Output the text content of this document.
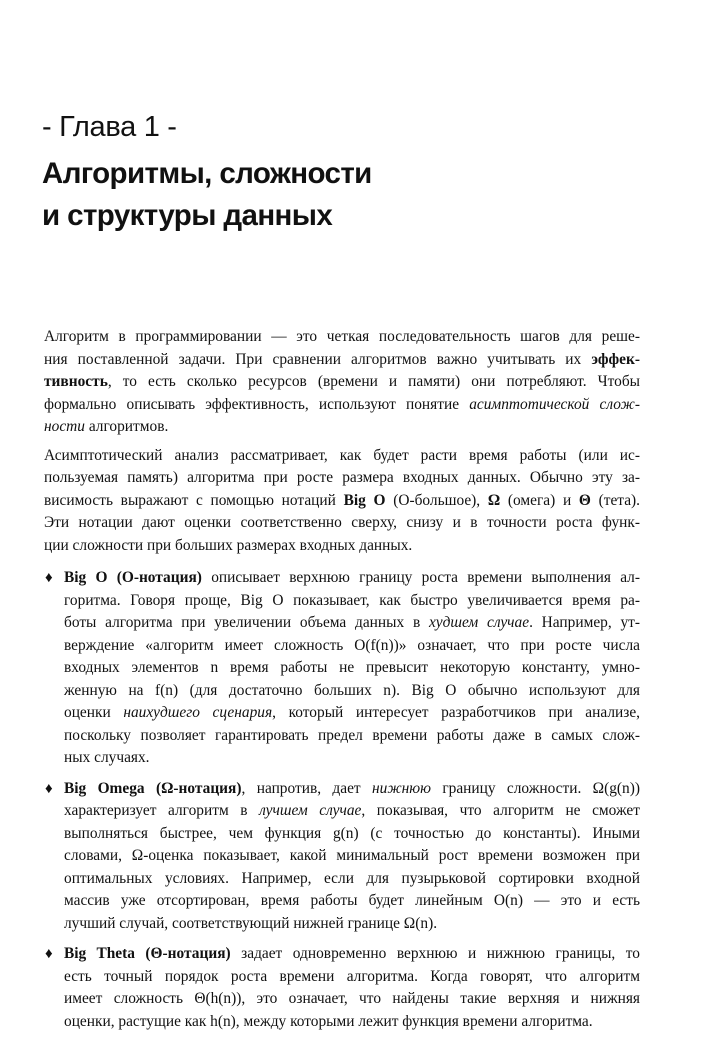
- Глава 1 -
Алгоритмы, сложности
и структуры данных
Алгоритм в программировании — это четкая последовательность шагов для реше-
ния поставленной задачи. При сравнении алгоритмов важно учитывать их эффек-
тивность, то есть сколько ресурсов (времени и памяти) они потребляют. Чтобы
формально описывать эффективность, используют понятие асимптотической слож-
ности алгоритмов.
Асимптотический анализ рассматривает, как будет расти время работы (или ис-
пользуемая память) алгоритма при росте размера входных данных. Обычно эту за-
висимость выражают с помощью нотаций Big O (О-большое), Ω (омега) и Θ (тета).
Эти нотации дают оценки соответственно сверху, снизу и в точности роста функ-
ции сложности при больших размерах входных данных.
♦ Big O (O-нотация) описывает верхнюю границу роста времени выполнения ал-
горитма. Говоря проще, Big O показывает, как быстро увеличивается время ра-
боты алгоритма при увеличении объема данных в худшем случае. Например, ут-
верждение «алгоритм имеет сложность O(f(n))» означает, что при росте числа
входных элементов n время работы не превысит некоторую константу, умно-
женную на f(n) (для достаточно больших n). Big O обычно используют для
оценки наихудшего сценария, который интересует разработчиков при анализе,
поскольку позволяет гарантировать предел времени работы даже в самых слож-
ных случаях.
♦ Big Omega (Ω-нотация), напротив, дает нижнюю границу сложности. Ω(g(n))
характеризует алгоритм в лучшем случае, показывая, что алгоритм не сможет
выполняться быстрее, чем функция g(n) (с точностью до константы). Иными
словами, Ω-оценка показывает, какой минимальный рост времени возможен при
оптимальных условиях. Например, если для пузырьковой сортировки входной
массив уже отсортирован, время работы будет линейным O(n) — это и есть
лучший случай, соответствующий нижней границе Ω(n).
♦ Big Theta (Θ-нотация) задает одновременно верхнюю и нижнюю границы, то
есть точный порядок роста времени алгоритма. Когда говорят, что алгоритм
имеет сложность Θ(h(n)), это означает, что найдены такие верхняя и нижняя
оценки, растущие как h(n), между которыми лежит функция времени алгоритма.
